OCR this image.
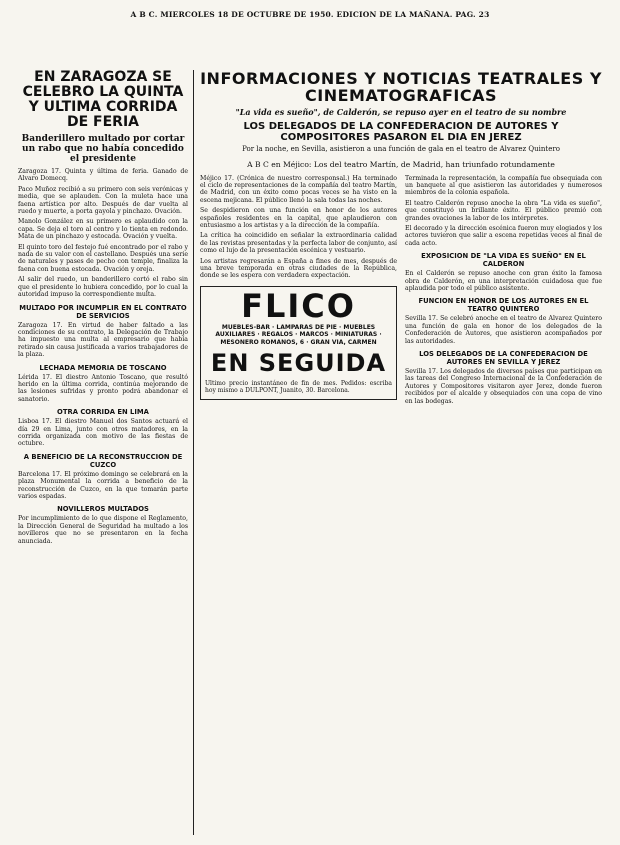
A B C. MIERCOLES 18 DE OCTUBRE DE 1950. EDICION DE LA MAÑANA. PAG. 23
EN ZARAGOZA SE CELEBRO LA QUINTA Y ULTIMA CORRIDA DE FERIA
Banderillero multado por cortar un rabo que no había concedido el presidente

Zaragoza 17. Quinta y última de feria. Ganado de Alvaro Domecq.

Paco Muñoz recibió a su primero con seis verónicas y media, que se aplauden. Con la muleta hace una faena artística por alto. Después de dar vuelta al ruedo y muerte, a porta gayola y pinchazo. Ovación.

Manolo González en su primero es aplaudido con la capa. Se deja el toro al centro y lo tienta en redondo. Mata de un pinchazo y estocada. Ovación y vuelta.

El quinto toro del festejo fué encontrado por el rabo y nada de su valor con el castellano. Después una serie de naturales y pases de pecho con temple, finaliza la faena con buena estocada. Ovación y oreja.

Al salir del ruedo, un banderillero cortó el rabo sin que el presidente lo hubiera concedido, por lo cual la autoridad impuso la correspondiente multa.

MULTADO POR INCUMPLIR EN EL CONTRATO DE SERVICIOS

Zaragoza 17. En virtud de haber faltado a las condiciones de su contrato, la Delegación de Trabajo ha impuesto una multa al empresario que había retirado sin causa justificada a varios trabajadores de la plaza.

LECHADA MEMORIA DE TOSCANO

Lérida 17. El diestro Antonio Toscano, que resultó herido en la última corrida, continúa mejorando de las lesiones sufridas y pronto podrá abandonar el sanatorio.

OTRA CORRIDA EN LIMA

Lisboa 17. El diestro Manuel dos Santos actuará el día 29 en Lima, junto con otros matadores, en la corrida organizada con motivo de las fiestas de octubre.

A BENEFICIO DE LA RECONSTRUCCION DE CUZCO

Barcelona 17. El próximo domingo se celebrará en la plaza Monumental la corrida a beneficio de la reconstrucción de Cuzco, en la que tomarán parte varios espadas.

NOVILLEROS MULTADOS

Por incumplimiento de lo que dispone el Reglamento, la Dirección General de Seguridad ha multado a los novilleros que no se presentaron en la fecha anunciada.

INFORMACIONES Y NOTICIAS TEATRALES Y CINEMATOGRAFICAS
"La vida es sueño", de Calderón, se repuso ayer en el teatro de su nombre
LOS DELEGADOS DE LA CONFEDERACION DE AUTORES Y COMPOSITORES PASARON EL DIA EN JEREZ
Por la noche, en Sevilla, asistieron a una función de gala en el teatro de Alvarez Quintero
A B C en Méjico: Los del teatro Martín, de Madrid, han triunfado rotundamente

Méjico 17. (Crónica de nuestro corresponsal.) Ha terminado el ciclo de representaciones de la compañía del teatro Martín, de Madrid, con un éxito como pocas veces se ha visto en la escena mejicana. El público llenó la sala todas las noches.

Se despidieron con una función en honor de los autores españoles residentes en la capital, que aplaudieron con entusiasmo a los artistas y a la dirección de la compañía.

La crítica ha coincidido en señalar la extraordinaria calidad de las revistas presentadas y la perfecta labor de conjunto, así como el lujo de la presentación escénica y vestuario.

Los artistas regresarán a España a fines de mes, después de una breve temporada en otras ciudades de la República, donde se les espera con verdadera expectación.

FLICO
MUEBLES-BAR · LAMPARAS DE PIE · MUEBLES AUXILIARES · REGALOS · MARCOS · MINIATURAS · MESONERO ROMANOS, 6 · GRAN VIA, CARMEN
EN SEGUIDA
Ultimo precio instantáneo de fin de mes. Pedidos: escriba hoy mismo a DULPONT, Juanito, 30. Barcelona.

Terminada la representación, la compañía fue obsequiada con un banquete al que asistieron las autoridades y numerosos miembros de la colonia española.

El teatro Calderón repuso anoche la obra "La vida es sueño", que constituyó un brillante éxito. El público premió con grandes ovaciones la labor de los intérpretes.

El decorado y la dirección escénica fueron muy elogiados y los actores tuvieron que salir a escena repetidas veces al final de cada acto.

EXPOSICION DE "LA VIDA ES SUEÑO" EN EL CALDERON

En el Calderón se repuso anoche con gran éxito la famosa obra de Calderón, en una interpretación cuidadosa que fue aplaudida por todo el público asistente.

FUNCION EN HONOR DE LOS AUTORES EN EL TEATRO QUINTERO

Sevilla 17. Se celebró anoche en el teatro de Alvarez Quintero una función de gala en honor de los delegados de la Confederación de Autores, que asistieron acompañados por las autoridades.

LOS DELEGADOS DE LA CONFEDERACION DE AUTORES EN SEVILLA Y JEREZ

Sevilla 17. Los delegados de diversos países que participan en las tareas del Congreso Internacional de la Confederación de Autores y Compositores visitaron ayer Jerez, donde fueron recibidos por el alcalde y obsequiados con una copa de vino en las bodegas.
